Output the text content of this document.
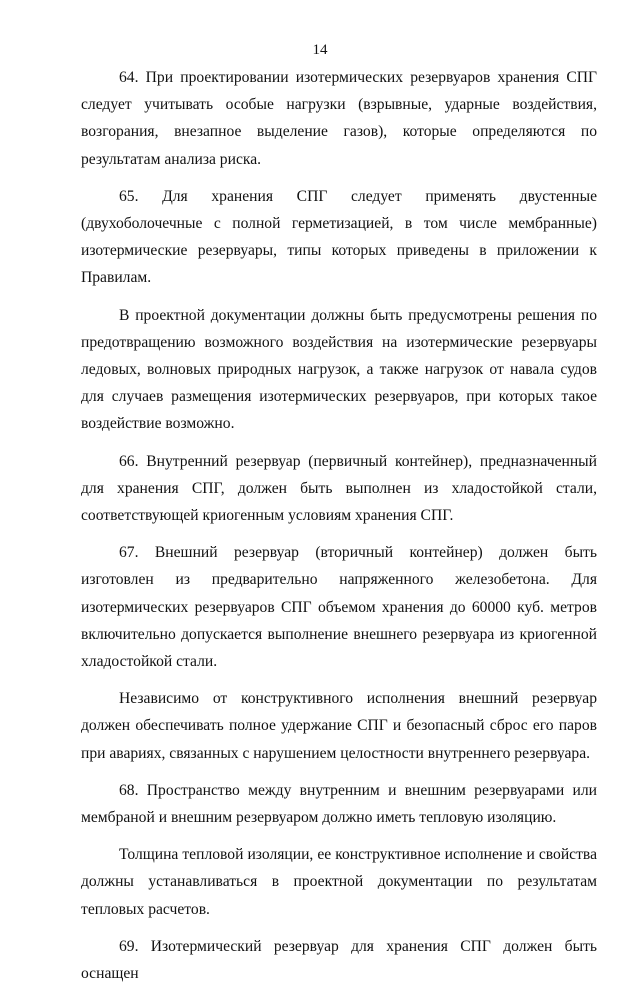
14

64. При проектировании изотермических резервуаров хранения СПГ следует учитывать особые нагрузки (взрывные, ударные воздействия, возгорания, внезапное выделение газов), которые определяются по результатам анализа риска.

65. Для хранения СПГ следует применять двустенные (двухоболочечные с полной герметизацией, в том числе мембранные) изотермические резервуары, типы которых приведены в приложении к Правилам.

В проектной документации должны быть предусмотрены решения по предотвращению возможного воздействия на изотермические резервуары ледовых, волновых природных нагрузок, а также нагрузок от навала судов для случаев размещения изотермических резервуаров, при которых такое воздействие возможно.

66. Внутренний резервуар (первичный контейнер), предназначенный для хранения СПГ, должен быть выполнен из хладостойкой стали, соответствующей криогенным условиям хранения СПГ.

67. Внешний резервуар (вторичный контейнер) должен быть изготовлен из предварительно напряженного железобетона. Для изотермических резервуаров СПГ объемом хранения до 60000 куб. метров включительно допускается выполнение внешнего резервуара из криогенной хладостойкой стали.

Независимо от конструктивного исполнения внешний резервуар должен обеспечивать полное удержание СПГ и безопасный сброс его паров при авариях, связанных с нарушением целостности внутреннего резервуара.

68. Пространство между внутренним и внешним резервуарами или мембраной и внешним резервуаром должно иметь тепловую изоляцию.

Толщина тепловой изоляции, ее конструктивное исполнение и свойства должны устанавливаться в проектной документации по результатам тепловых расчетов.

69. Изотермический резервуар для хранения СПГ должен быть оснащен
